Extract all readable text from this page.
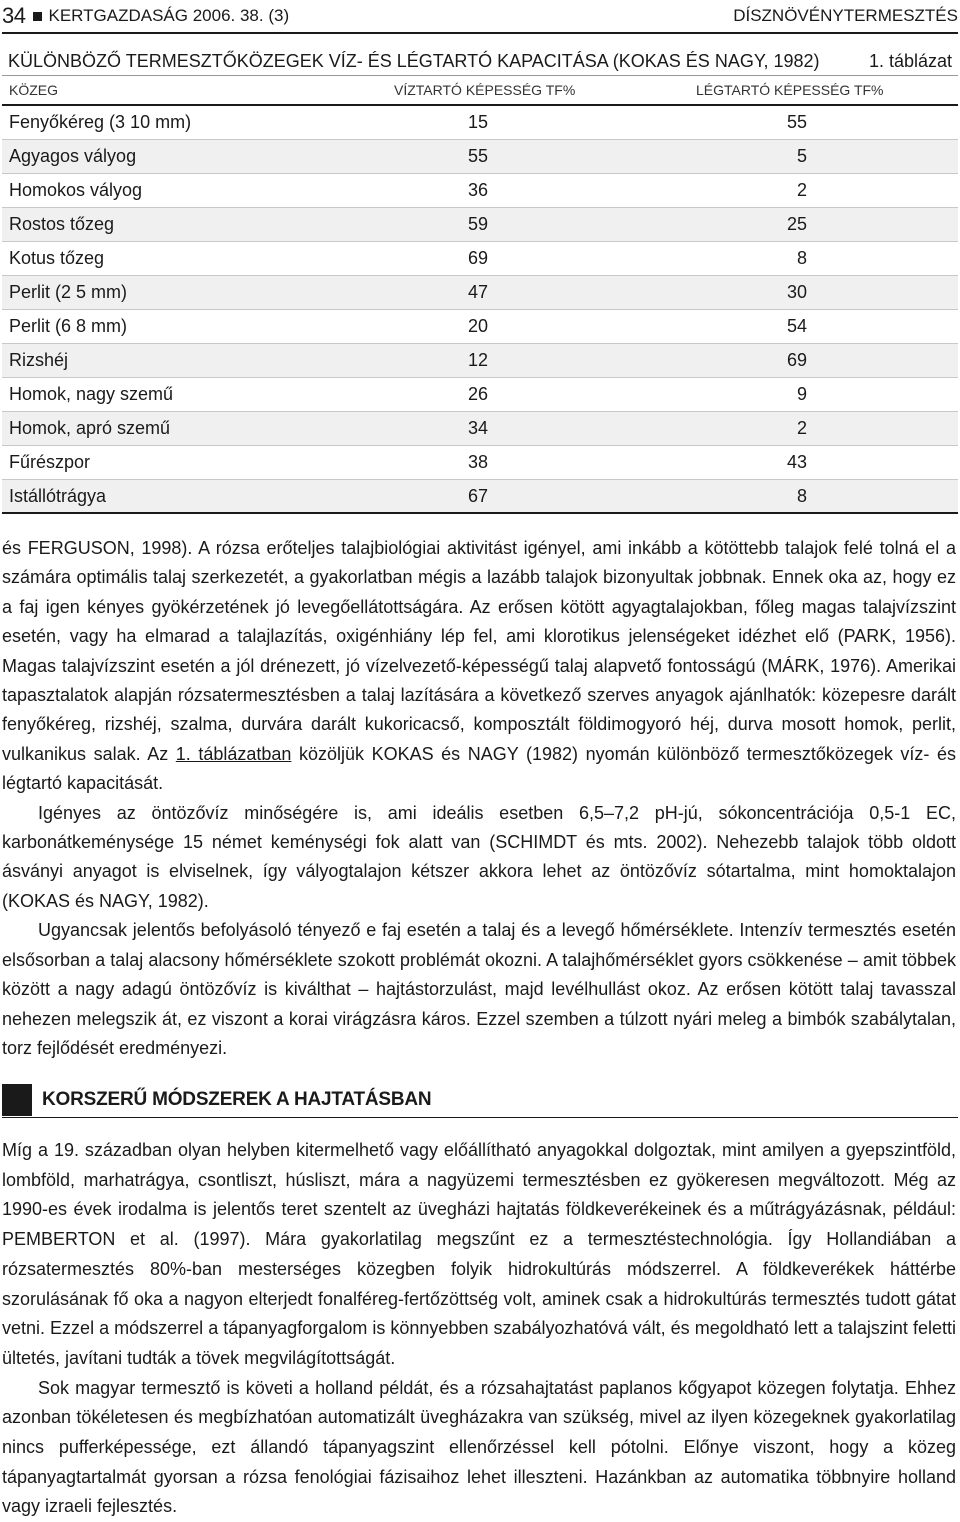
34 KERTGAZDASÁG 2006. 38. (3)	DÍSZNÖVÉNYTERMESZTÉS
KÜLÖNBÖZŐ TERMESZTŐKÖZEGEK VÍZ- ÉS LÉGTARTÓ KAPACITÁSA (KOKAS ÉS NAGY, 1982)	1. táblázat
KÖZEG	VÍZTARTÓ KÉPESSÉG TF%	LÉGTARTÓ KÉPESSÉG TF%
Fenyőkéreg (3 10 mm)	15	55
Agyagos vályog	55	5
Homokos vályog	36	2
Rostos tőzeg	59	25
Kotus tőzeg	69	8
Perlit (2 5 mm)	47	30
Perlit (6 8 mm)	20	54
Rizshéj	12	69
Homok, nagy szemű	26	9
Homok, apró szemű	34	2
Fűrészpor	38	43
Istállótrágya	67	8

és FERGUSON, 1998). A rózsa erőteljes talajbiológiai aktivitást igényel, ami inkább a kötöttebb talajok felé tolná el a számára optimális talaj szerkezetét, a gyakorlatban mégis a lazább talajok bizonyultak jobbnak. Ennek oka az, hogy ez a faj igen kényes gyökérzetének jó levegőellátottságára. Az erősen kötött agyagtalajokban, főleg magas talajvízszint esetén, vagy ha elmarad a talajlazítás, oxigénhiány lép fel, ami klorotikus jelenségeket idézhet elő (PARK, 1956). Magas talajvízszint esetén a jól drénezett, jó vízelvezető-képességű talaj alapvető fontosságú (MÁRK, 1976). Amerikai tapasztalatok alapján rózsatermesztésben a talaj lazítására a következő szerves anyagok ajánlhatók: közepesre darált fenyőkéreg, rizshéj, szalma, durvára darált kukoricacső, komposztált földimogyoró héj, durva mosott homok, perlit, vulkanikus salak. Az 1. táblázatban közöljük KOKAS és NAGY (1982) nyomán különböző termesztőközegek víz- és légtartó kapacitását.

Igényes az öntözővíz minőségére is, ami ideális esetben 6,5–7,2 pH-jú, sókoncentrációja 0,5-1 EC, karbonátkeménysége 15 német keménységi fok alatt van (SCHIMDT és mts. 2002). Nehezebb talajok több oldott ásványi anyagot is elviselnek, így vályogtalajon kétszer akkora lehet az öntözővíz sótartalma, mint homoktalajon (KOKAS és NAGY, 1982).

Ugyancsak jelentős befolyásoló tényező e faj esetén a talaj és a levegő hőmérséklete. Intenzív termesztés esetén elsősorban a talaj alacsony hőmérséklete szokott problémát okozni. A talajhőmérséklet gyors csökkenése – amit többek között a nagy adagú öntözővíz is kiválthat – hajtástorzulást, majd levélhullást okoz. Az erősen kötött talaj tavasszal nehezen melegszik át, ez viszont a korai virágzásra káros. Ezzel szemben a túlzott nyári meleg a bimbók szabálytalan, torz fejlődését eredményezi.

KORSZERŰ MÓDSZEREK A HAJTATÁSBAN

Míg a 19. században olyan helyben kitermelhető vagy előállítható anyagokkal dolgoztak, mint amilyen a gyepszintföld, lombföld, marhatrágya, csontliszt, húsliszt, mára a nagyüzemi termesztésben ez gyökeresen megváltozott. Még az 1990-es évek irodalma is jelentős teret szentelt az üvegházi hajtatás földkeverékeinek és a műtrágyázásnak, például: PEMBERTON et al. (1997). Mára gyakorlatilag megszűnt ez a termesztéstechnológia. Így Hollandiában a rózsatermesztés 80%-ban mesterséges közegben folyik hidrokultúrás módszerrel. A földkeverékek háttérbe szorulásának fő oka a nagyon elterjedt fonalféreg-fertőzöttség volt, aminek csak a hidrokultúrás termesztés tudott gátat vetni. Ezzel a módszerrel a tápanyagforgalom is könnyebben szabályozhatóvá vált, és megoldható lett a talajszint feletti ültetés, javítani tudták a tövek megvilágítottságát.

Sok magyar termesztő is követi a holland példát, és a rózsahajtatást paplanos kőgyapot közegen folytatja. Ehhez azonban tökéletesen és megbízhatóan automatizált üvegházakra van szükség, mivel az ilyen közegeknek gyakorlatilag nincs pufferképessége, ezt állandó tápanyagszint ellenőrzéssel kell pótolni. Előnye viszont, hogy a közeg tápanyagtartalmát gyorsan a rózsa fenológiai fázisaihoz lehet illeszteni. Hazánkban az automatika többnyire holland vagy izraeli fejlesztés.
